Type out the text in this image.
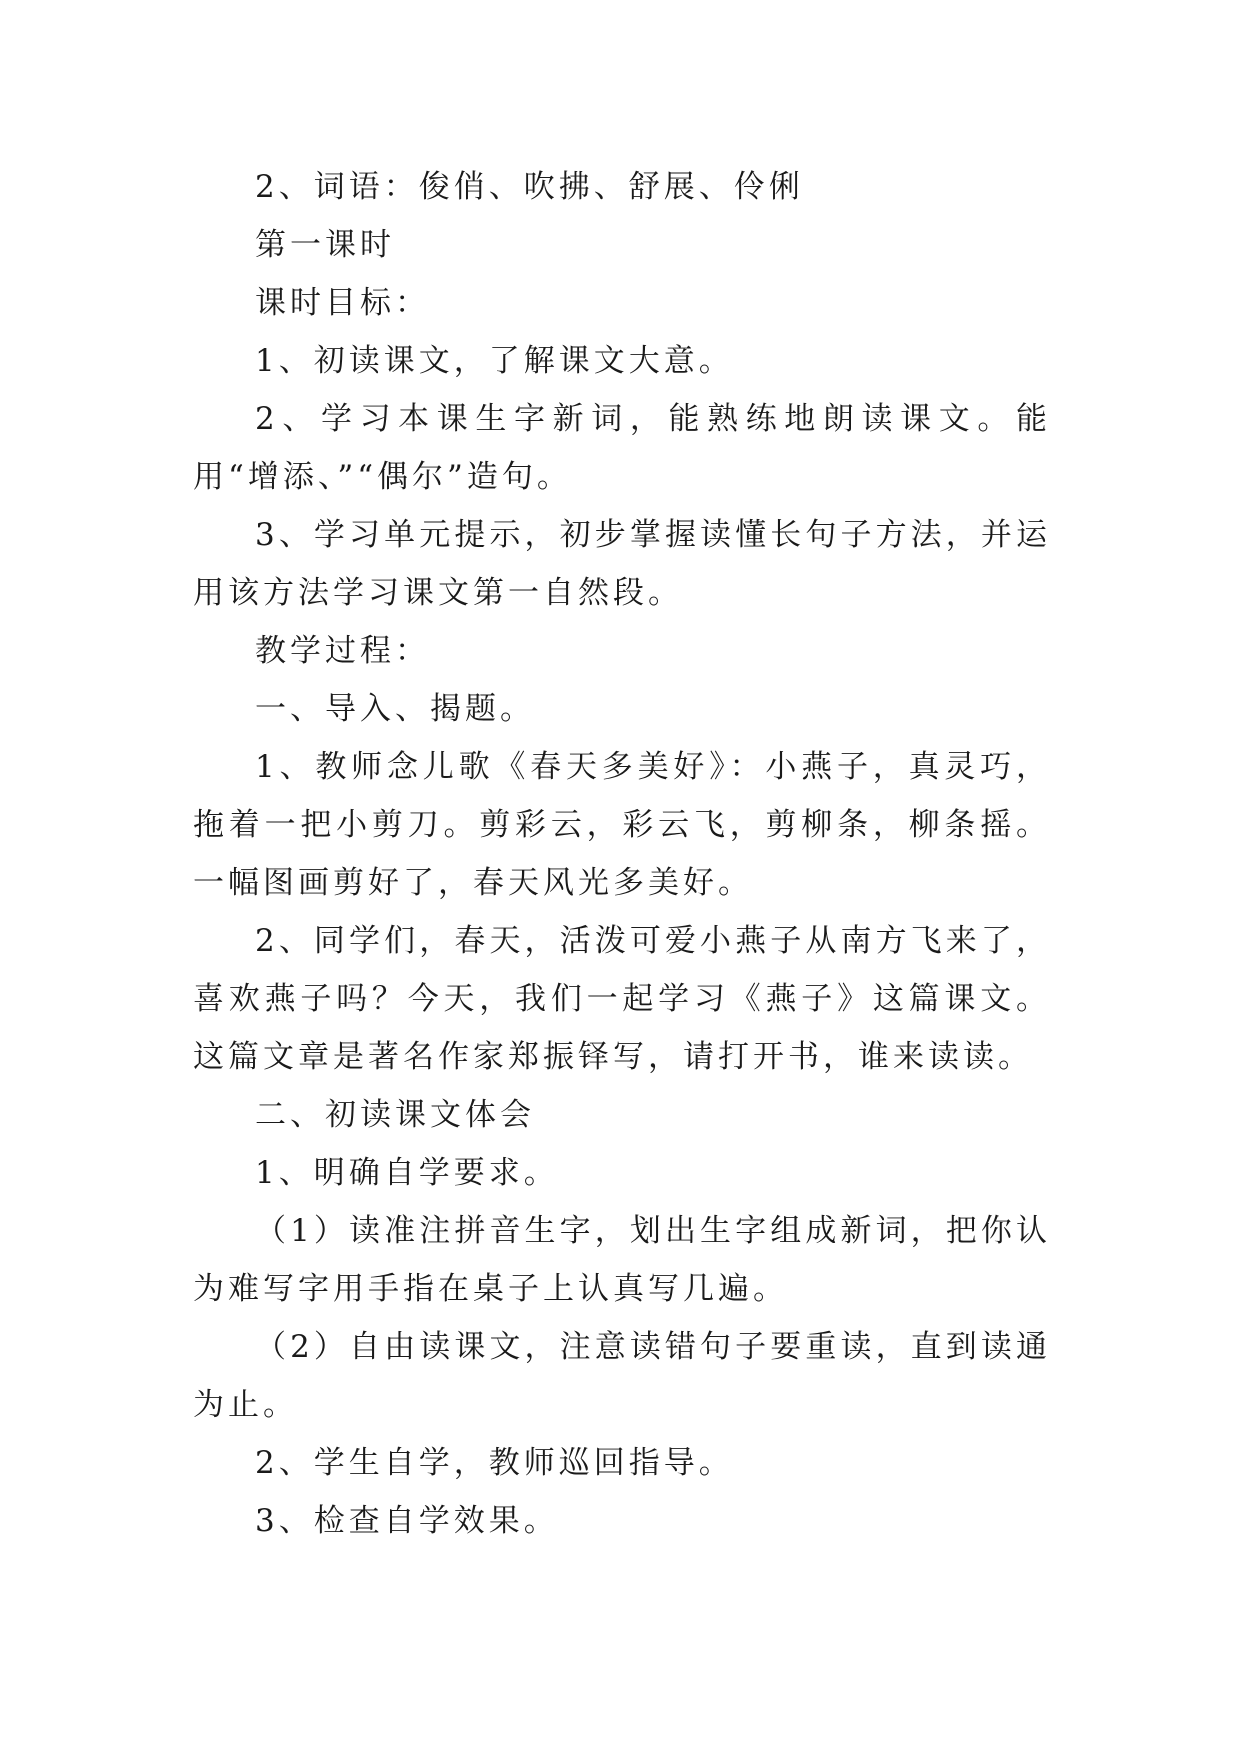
2、词语：俊俏、吹拂、舒展、伶俐

第一课时

课时目标：

1、初读课文，了解课文大意。

2、学习本课生字新词，能熟练地朗读课文。能用“增添、”“偶尔”造句。

3、学习单元提示，初步掌握读懂长句子方法，并运用该方法学习课文第一自然段。

教学过程：

一、导入、揭题。

1、教师念儿歌《春天多美好》：小燕子，真灵巧，拖着一把小剪刀。剪彩云，彩云飞，剪柳条，柳条摇。一幅图画剪好了，春天风光多美好。

2、同学们，春天，活泼可爱小燕子从南方飞来了，喜欢燕子吗？今天，我们一起学习《燕子》这篇课文。这篇文章是著名作家郑振铎写，请打开书，谁来读读。

二、初读课文体会

1、明确自学要求。

（1）读准注拼音生字，划出生字组成新词，把你认为难写字用手指在桌子上认真写几遍。

（2）自由读课文，注意读错句子要重读，直到读通为止。

2、学生自学，教师巡回指导。

3、检查自学效果。
